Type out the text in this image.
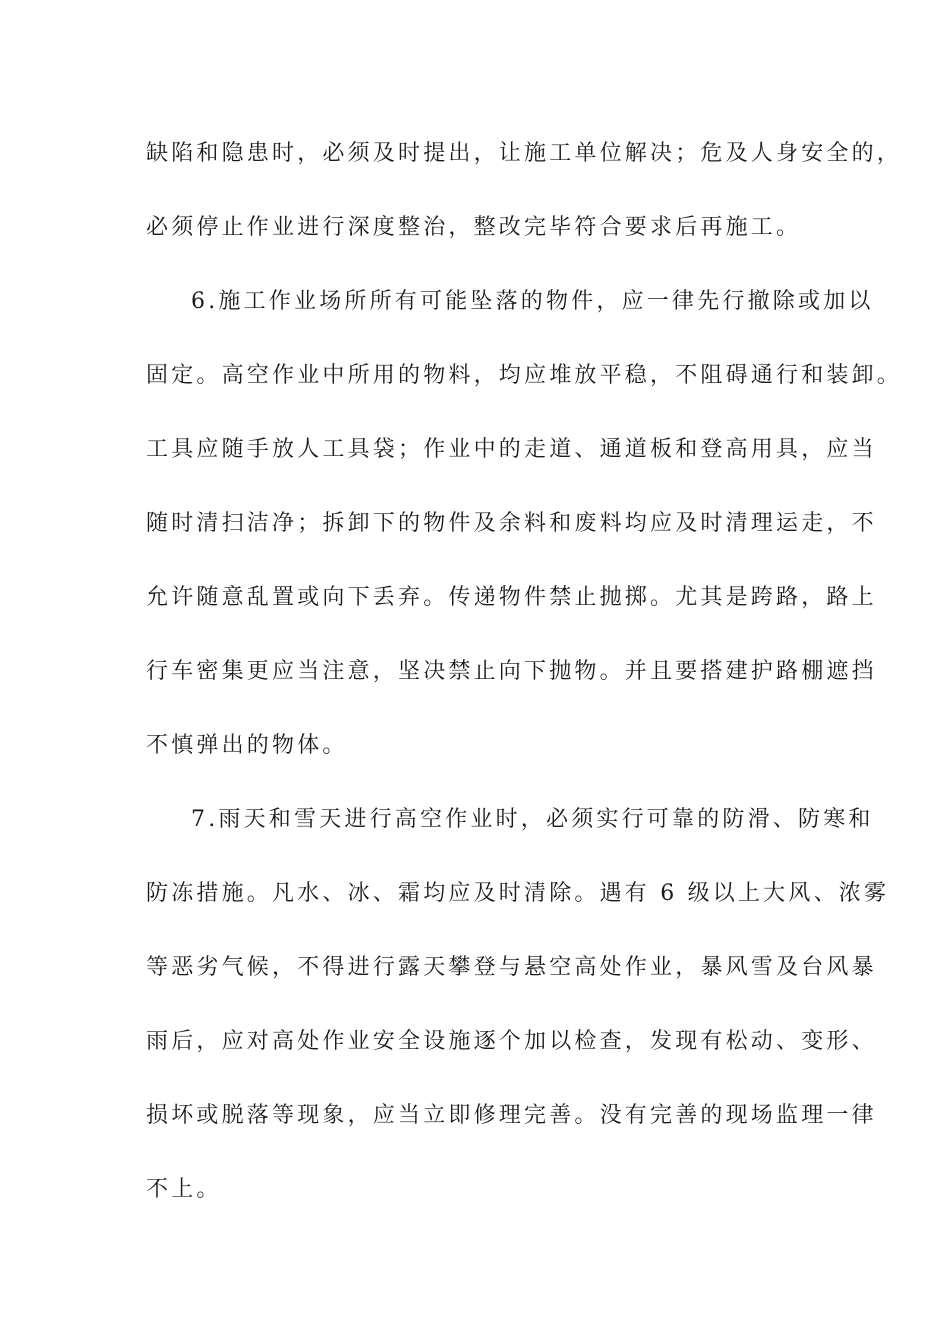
缺陷和隐患时，必须及时提出，让施工单位解决；危及人身安全的，
必须停止作业进行深度整治，整改完毕符合要求后再施工。
6.施工作业场所所有可能坠落的物件，应一律先行撤除或加以
固定。高空作业中所用的物料，均应堆放平稳，不阻碍通行和装卸。
工具应随手放人工具袋；作业中的走道、通道板和登高用具，应当
随时清扫洁净；拆卸下的物件及余料和废料均应及时清理运走，不
允许随意乱置或向下丢弃。传递物件禁止抛掷。尤其是跨路，路上
行车密集更应当注意，坚决禁止向下抛物。并且要搭建护路棚遮挡
不慎弹出的物体。
7.雨天和雪天进行高空作业时，必须实行可靠的防滑、防寒和
防冻措施。凡水、冰、霜均应及时清除。遇有 6 级以上大风、浓雾
等恶劣气候，不得进行露天攀登与悬空高处作业，暴风雪及台风暴
雨后，应对高处作业安全设施逐个加以检查，发现有松动、变形、
损坏或脱落等现象，应当立即修理完善。没有完善的现场监理一律
不上。
